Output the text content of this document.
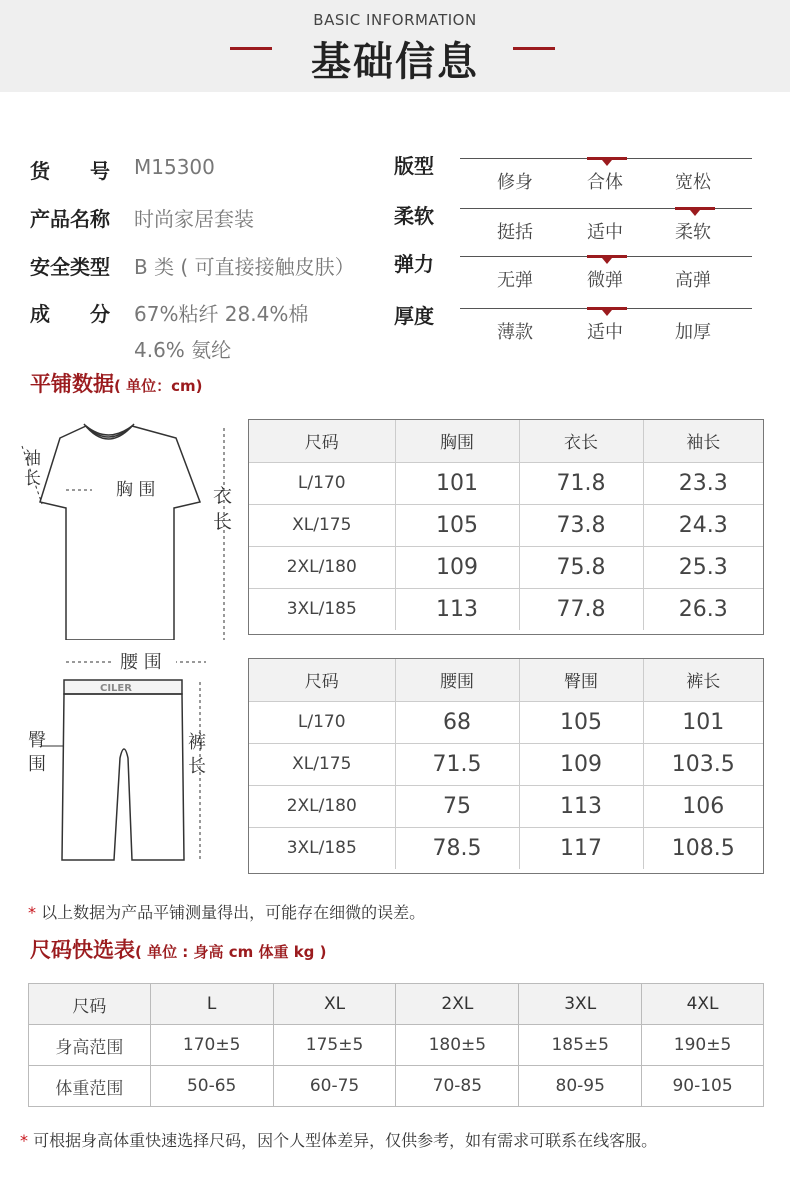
BASIC INFORMATION
基础信息
货　　号	M15300
产品名称	时尚家居套装
安全类型	B 类 ( 可直接接触皮肤）
成　　分	67%粘纤 28.4%棉
4.6% 氨纶
版型
修身	合体	宽松
柔软
挺括	适中	柔软
弹力
无弹	微弹	高弹
厚度
薄款	适中	加厚
平铺数据( 单位：cm)
胸 围	衣
长
袖
长
腰 围
CILER
臀
围
裤
长
尺码	胸围	衣长	袖长
L/170	101	71.8	23.3
XL/175	105	73.8	24.3
2XL/180	109	75.8	25.3
3XL/185	113	77.8	26.3
尺码	腰围	臀围	裤长
L/170	68	105	101
XL/175	71.5	109	103.5
2XL/180	75	113	106
3XL/185	78.5	117	108.5
* 以上数据为产品平铺测量得出，可能存在细微的误差。
尺码快选表( 单位 : 身高 cm 体重 kg )
尺码	L	XL	2XL	3XL	4XL
身高范围	170±5	175±5	180±5	185±5	190±5
体重范围	50-65	60-75	70-85	80-95	90-105
* 可根据身高体重快速选择尺码，因个人型体差异，仅供参考，如有需求可联系在线客服。
